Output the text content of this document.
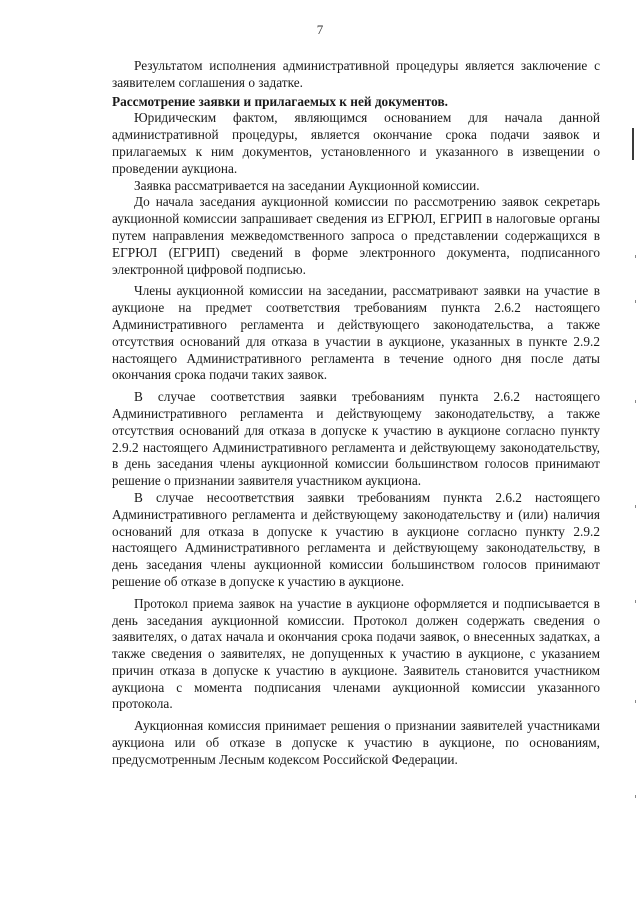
7

Результатом исполнения административной процедуры является заключение с заявителем соглашения о задатке.

Рассмотрение заявки и прилагаемых к ней документов.

Юридическим фактом, являющимся основанием для начала данной административной процедуры, является окончание срока подачи заявок и прилагаемых к ним документов, установленного и указанного в извещении о проведении аукциона.

Заявка рассматривается на заседании Аукционной комиссии.

До начала заседания аукционной комиссии по рассмотрению заявок секретарь аукционной комиссии запрашивает сведения из ЕГРЮЛ, ЕГРИП в налоговые органы путем направления межведомственного запроса о представлении содержащихся в ЕГРЮЛ (ЕГРИП) сведений в форме электронного документа, подписанного электронной цифровой подписью.

Члены аукционной комиссии на заседании, рассматривают заявки на участие в аукционе на предмет соответствия требованиям пункта 2.6.2 настоящего Административного регламента и действующего законодательства, а также отсутствия оснований для отказа в участии в аукционе, указанных в пункте 2.9.2 настоящего Административного регламента в течение одного дня после даты окончания срока подачи таких заявок.

В случае соответствия заявки требованиям пункта 2.6.2 настоящего Административного регламента и действующему законодательству, а также отсутствия оснований для отказа в допуске к участию в аукционе согласно пункту 2.9.2 настоящего Административного регламента и действующему законодательству, в день заседания члены аукционной комиссии большинством голосов принимают решение о признании заявителя участником аукциона.

В случае несоответствия заявки требованиям пункта 2.6.2 настоящего Административного регламента и действующему законодательству и (или) наличия оснований для отказа в допуске к участию в аукционе согласно пункту 2.9.2 настоящего Административного регламента и действующему законодательству, в день заседания члены аукционной комиссии большинством голосов принимают решение об отказе в допуске к участию в аукционе.

Протокол приема заявок на участие в аукционе оформляется и подписывается в день заседания аукционной комиссии. Протокол должен содержать сведения о заявителях, о датах начала и окончания срока подачи заявок, о внесенных задатках, а также сведения о заявителях, не допущенных к участию в аукционе, с указанием причин отказа в допуске к участию в аукционе. Заявитель становится участником аукциона с момента подписания членами аукционной комиссии указанного протокола.

Аукционная комиссия принимает решения о признании заявителей участниками аукциона или об отказе в допуске к участию в аукционе, по основаниям, предусмотренным Лесным кодексом Российской Федерации.
